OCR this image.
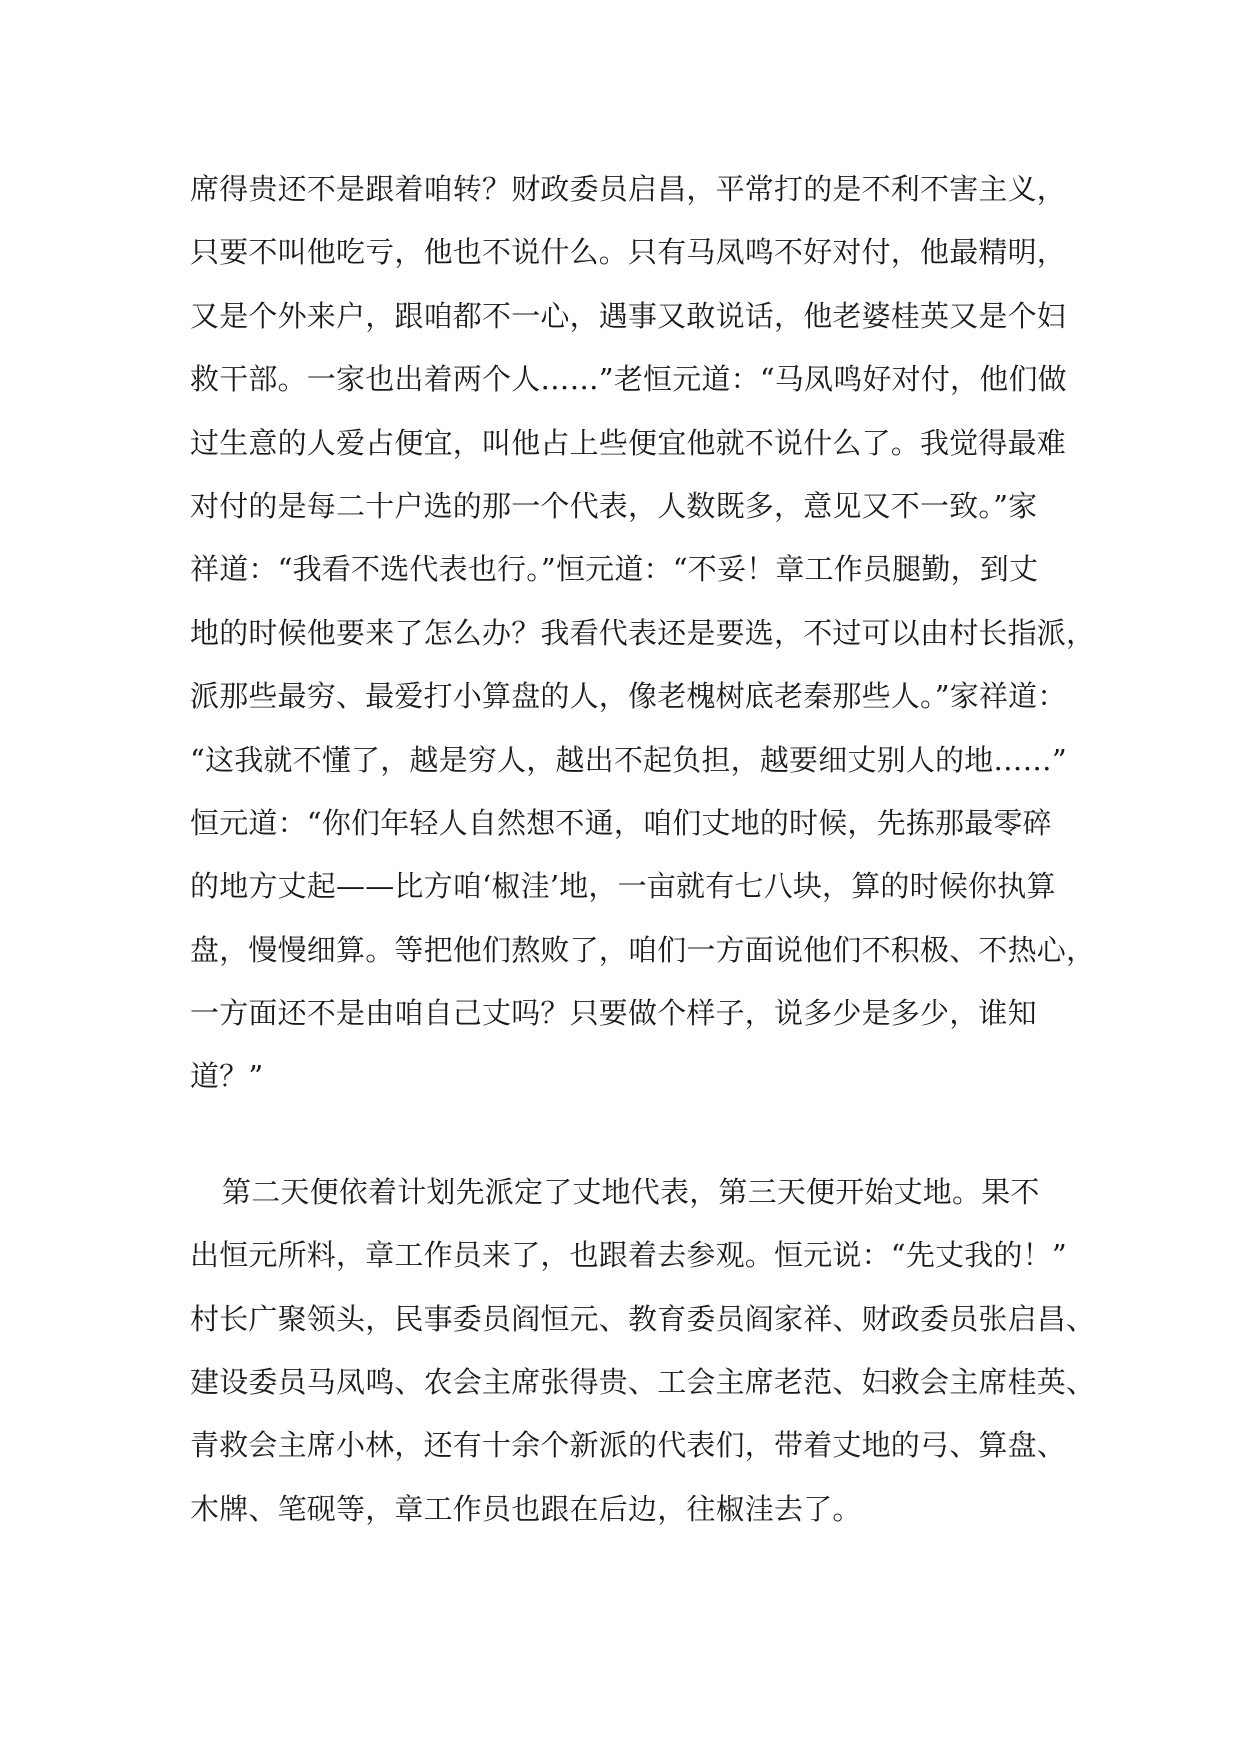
席得贵还不是跟着咱转？财政委员启昌，平常打的是不利不害主义，
只要不叫他吃亏，他也不说什么。只有马凤鸣不好对付，他最精明，
又是个外来户，跟咱都不一心，遇事又敢说话，他老婆桂英又是个妇
救干部。一家也出着两个人……”老恒元道：“马凤鸣好对付，他们做
过生意的人爱占便宜，叫他占上些便宜他就不说什么了。我觉得最难
对付的是每二十户选的那一个代表，人数既多，意见又不一致。”家
祥道：“我看不选代表也行。”恒元道：“不妥！章工作员腿勤，到丈
地的时候他要来了怎么办？我看代表还是要选，不过可以由村长指派，
派那些最穷、最爱打小算盘的人，像老槐树底老秦那些人。”家祥道：
“这我就不懂了，越是穷人，越出不起负担，越要细丈别人的地……”
恒元道：“你们年轻人自然想不通，咱们丈地的时候，先拣那最零碎
的地方丈起——比方咱‘椒洼’地，一亩就有七八块，算的时候你执算
盘，慢慢细算。等把他们熬败了，咱们一方面说他们不积极、不热心，
一方面还不是由咱自己丈吗？只要做个样子，说多少是多少，谁知
道？”

第二天便依着计划先派定了丈地代表，第三天便开始丈地。果不
出恒元所料，章工作员来了，也跟着去参观。恒元说：“先丈我的！”
村长广聚领头，民事委员阎恒元、教育委员阎家祥、财政委员张启昌、
建设委员马凤鸣、农会主席张得贵、工会主席老范、妇救会主席桂英、
青救会主席小林，还有十余个新派的代表们，带着丈地的弓、算盘、
木牌、笔砚等，章工作员也跟在后边，往椒洼去了。
